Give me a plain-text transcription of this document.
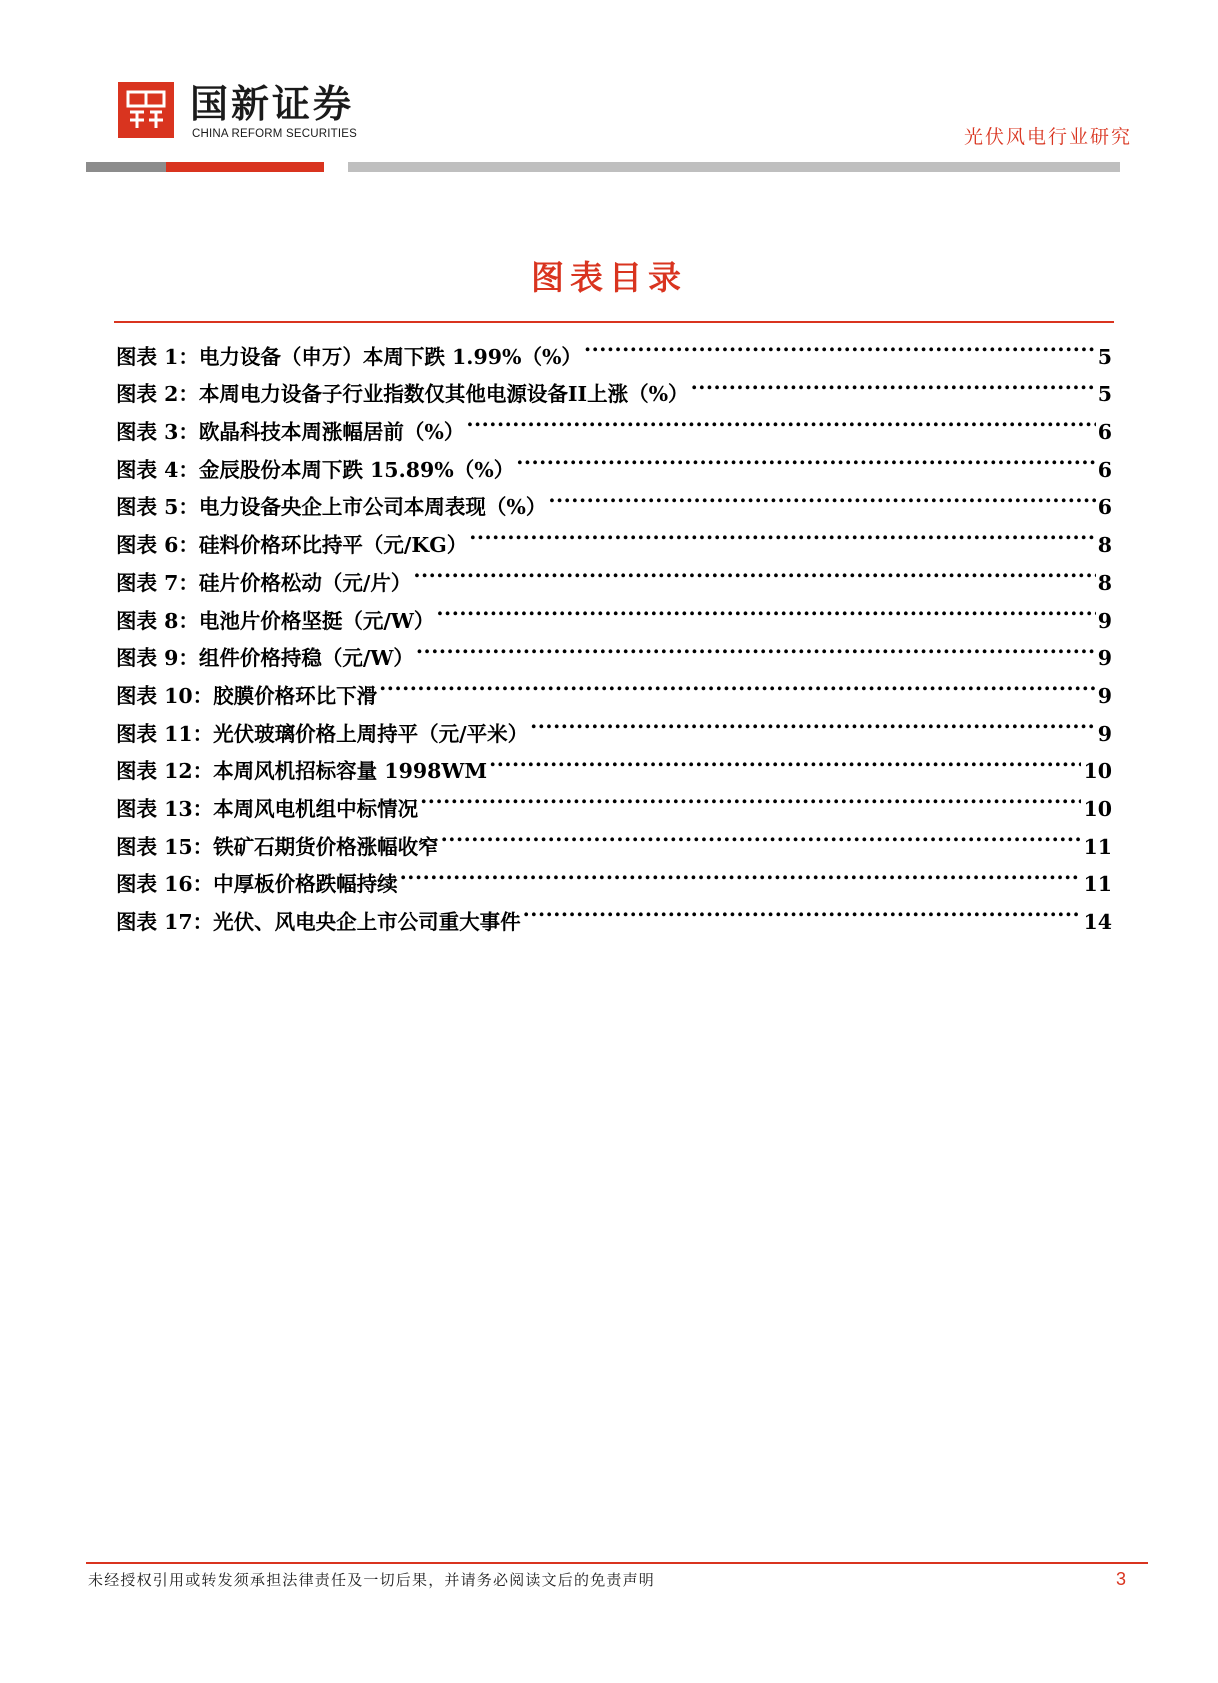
国新证券
CHINA REFORM SECURITIES	光伏风电行业研究
图表目录
图表 1：电力设备（申万）本周下跌 1.99%（%） .....	5
图表 2：本周电力设备子行业指数仅其他电源设备II上涨（%） .....	5
图表 3：欧晶科技本周涨幅居前（%） .....	6
图表 4：金辰股份本周下跌 15.89%（%） .....	6
图表 5：电力设备央企上市公司本周表现（%） .....	6
图表 6：硅料价格环比持平（元/KG） .....	8
图表 7：硅片价格松动（元/片） .....	8
图表 8：电池片价格坚挺（元/W） .....	9
图表 9：组件价格持稳（元/W） .....	9
图表 10：胶膜价格环比下滑 .....	9
图表 11：光伏玻璃价格上周持平（元/平米） .....	9
图表 12：本周风机招标容量 1998WM .....	10
图表 13：本周风电机组中标情况 .....	10
图表 15：铁矿石期货价格涨幅收窄 .....	11
图表 16：中厚板价格跌幅持续 .....	11
图表 17：光伏、风电央企上市公司重大事件 .....	14
未经授权引用或转发须承担法律责任及一切后果，并请务必阅读文后的免责声明	3
